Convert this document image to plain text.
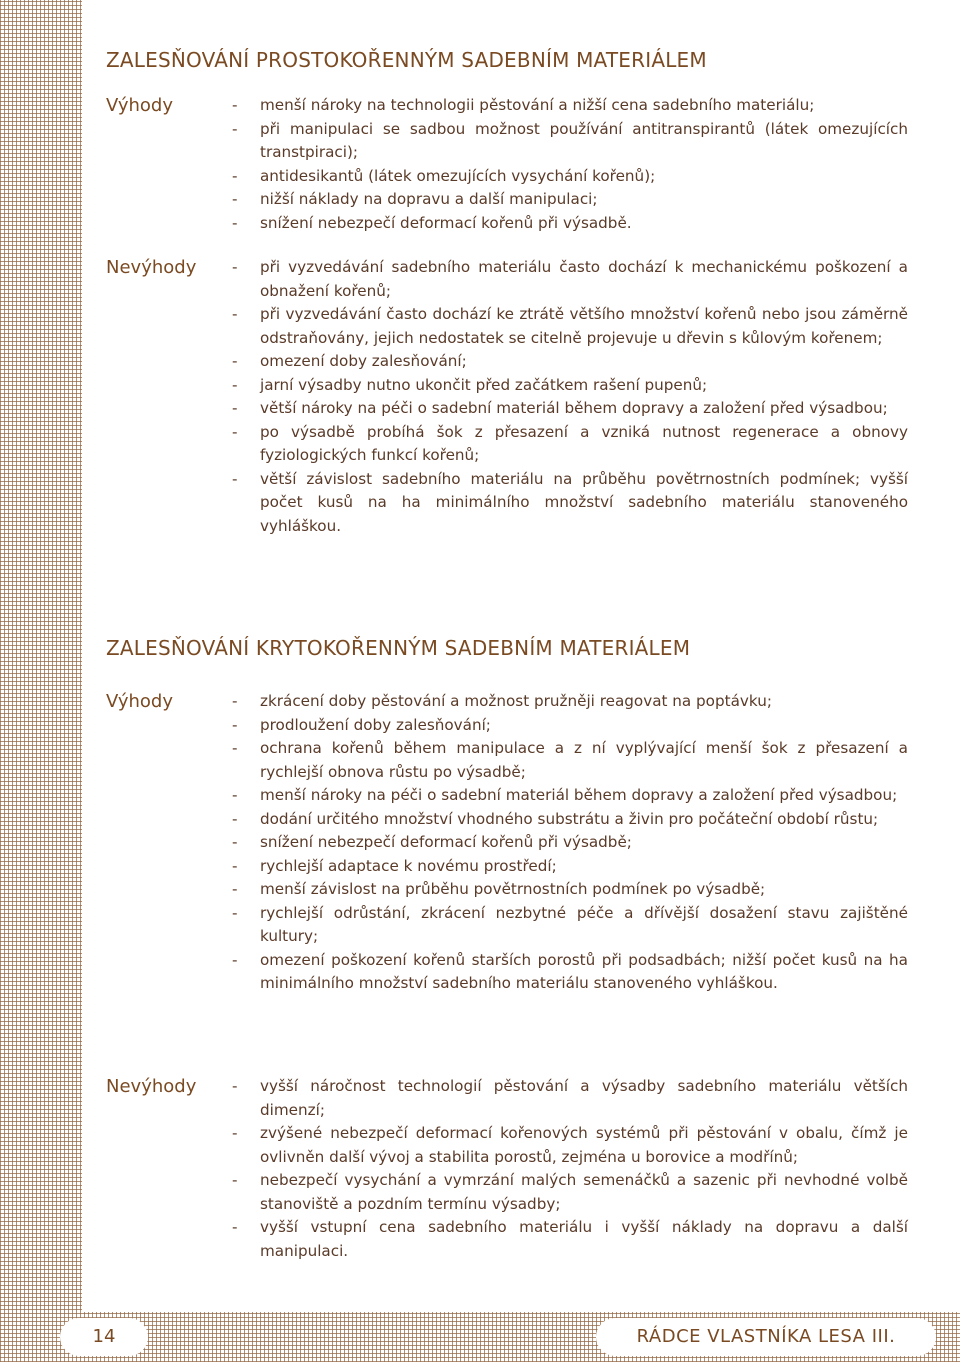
ZALESŇOVÁNÍ PROSTOKOŘENNÝM SADEBNÍM MATERIÁLEM
Výhody	- menší nároky na technologii pěstování a nižší cena sadebního materiálu;
- při manipulaci se sadbou možnost používání antitranspirantů (látek omezujících transtpiraci);
- antidesikantů (látek omezujících vysychání kořenů);
- nižší náklady na dopravu a další manipulaci;
- snížení nebezpečí deformací kořenů při výsadbě.
Nevýhody - při vyzvedávání sadebního materiálu často dochází k mechanickému poškození a obnažení kořenů;
- při vyzvedávání často dochází ke ztrátě většího množství kořenů nebo jsou záměrně odstraňovány, jejich nedostatek se citelně projevuje u dřevin s kůlovým kořenem;
- omezení doby zalesňování;
- jarní výsadby nutno ukončit před začátkem rašení pupenů;
- větší nároky na péči o sadební materiál během dopravy a založení před výsadbou;
- po výsadbě probíhá šok z přesazení a vzniká nutnost regenerace a obnovy fyziologických funkcí kořenů;
- větší závislost sadebního materiálu na průběhu povětrnostních podmínek; vyšší počet kusů na ha minimálního množství sadebního materiálu stanoveného vyhláškou.
ZALESŇOVÁNÍ KRYTOKOŘENNÝM SADEBNÍM MATERIÁLEM
Výhody	- zkrácení doby pěstování a možnost pružněji reagovat na poptávku;
- prodloužení doby zalesňování;
- ochrana kořenů během manipulace a z ní vyplývající menší šok z přesazení a rychlejší obnova růstu po výsadbě;
- menší nároky na péči o sadební materiál během dopravy a založení před výsadbou;
- dodání určitého množství vhodného substrátu a živin pro počáteční období růstu;
- snížení nebezpečí deformací kořenů při výsadbě;
- rychlejší adaptace k novému prostředí;
- menší závislost na průběhu povětrnostních podmínek po výsadbě;
- rychlejší odrůstání, zkrácení nezbytné péče a dřívější dosažení stavu zajištěné kultury;
- omezení poškození kořenů starších porostů při podsadbách; nižší počet kusů na ha minimálního množství sadebního materiálu stanoveného vyhláškou.
Nevýhody - vyšší náročnost technologií pěstování a výsadby sadebního materiálu větších dimenzí;
- zvýšené nebezpečí deformací kořenových systémů při pěstování v obalu, čímž je ovlivněn další vývoj a stabilita porostů, zejména u borovice a modřínů;
- nebezpečí vysychání a vymrzání malých semenáčků a sazenic při nevhodné volbě stanoviště a pozdním termínu výsadby;
- vyšší vstupní cena sadebního materiálu i vyšší náklady na dopravu a další manipulaci.
14	RÁDCE VLASTNÍKA LESA III.
